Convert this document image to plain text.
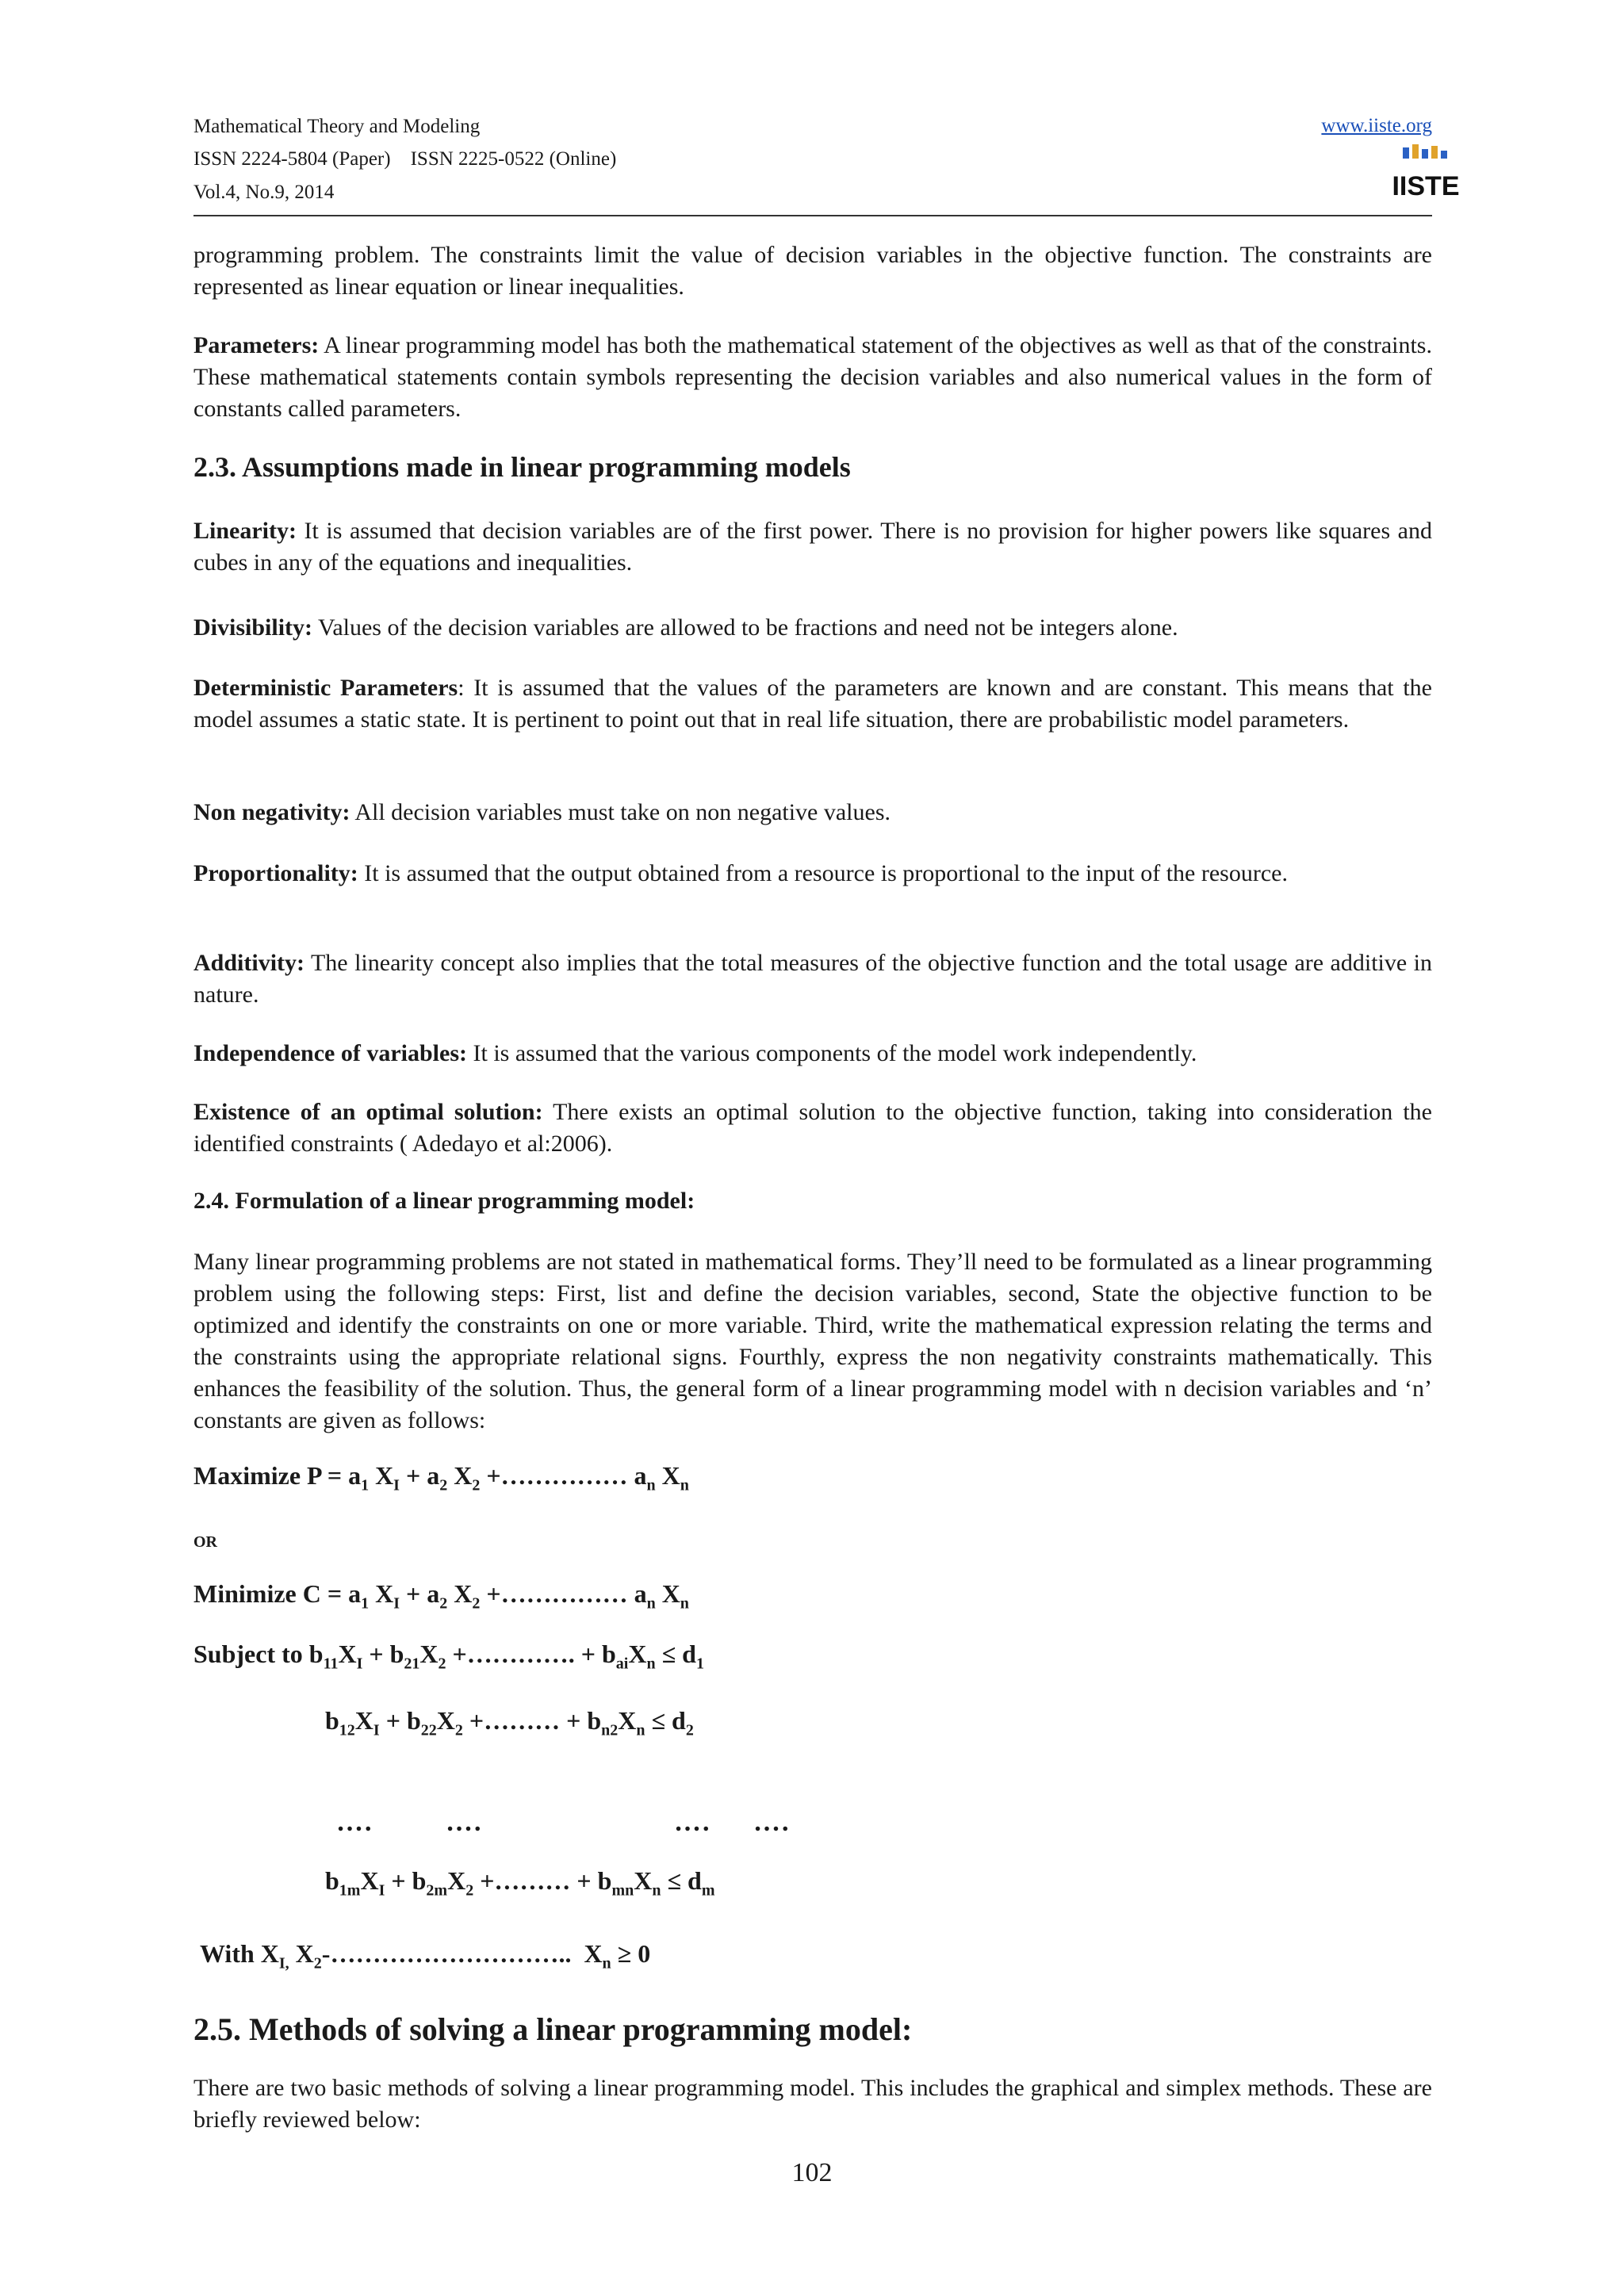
Mathematical Theory and Modeling
ISSN 2224-5804 (Paper)    ISSN 2225-0522 (Online)
Vol.4, No.9, 2014
www.iiste.org
IISTE

programming problem. The constraints limit the value of decision variables in the objective function. The constraints are represented as linear equation or linear inequalities.

Parameters: A linear programming model has both the mathematical statement of the objectives as well as that of the constraints. These mathematical statements contain symbols representing the decision variables and also numerical values in the form of constants called parameters.

2.3. Assumptions made in linear programming models

Linearity: It is assumed that decision variables are of the first power. There is no provision for higher powers like squares and cubes in any of the equations and inequalities.

Divisibility: Values of the decision variables are allowed to be fractions and need not be integers alone.

Deterministic Parameters: It is assumed that the values of the parameters are known and are constant. This means that the model assumes a static state. It is pertinent to point out that in real life situation, there are probabilistic model parameters.

Non negativity: All decision variables must take on non negative values.

Proportionality: It is assumed that the output obtained from a resource is proportional to the input of the resource.

Additivity: The linearity concept also implies that the total measures of the objective function and the total usage are additive in nature.

Independence of variables: It is assumed that the various components of the model work independently.

Existence of an optimal solution: There exists an optimal solution to the objective function, taking into consideration the identified constraints ( Adedayo et al:2006).

2.4. Formulation of a linear programming model:

Many linear programming problems are not stated in mathematical forms. They’ll need to be formulated as a linear programming problem using the following steps: First, list and define the decision variables, second, State the objective function to be optimized and identify the constraints on one or more variable. Third, write the mathematical expression relating the terms and the constraints using the appropriate relational signs. Fourthly, express the non negativity constraints mathematically. This enhances the feasibility of the solution. Thus, the general form of a linear programming model with n decision variables and ‘n’ constants are given as follows:

Maximize $P = a_1$ $X_I + a_2$ $X_2$ +…………… $a_n$ $X_n$
OR
Minimize $C = a_1$ $X_I + a_2$ $X_2$ +…………… $a_n$ $X_n$
Subject to $b_{11}X_I + b_{21}X_2$ +…………. + $b_{ai}X_n \le d_1$
$b_{12}X_I + b_{22}X_2$ +……… + $b_{n2}X_n \le d_2$
….	….	…. ….
$b_{1m}X_I + b_{2m}X_2$ +……… + $b_{mn}X_n \le d_m$
With $X_{I,}$ $X_2-\dots\dots\dots\dots\dots\dots\dots\dots\dots$..  $X_n \ge 0$
2.5. Methods of solving a linear programming model:

There are two basic methods of solving a linear programming model. This includes the graphical and simplex methods. These are briefly reviewed below:

102
